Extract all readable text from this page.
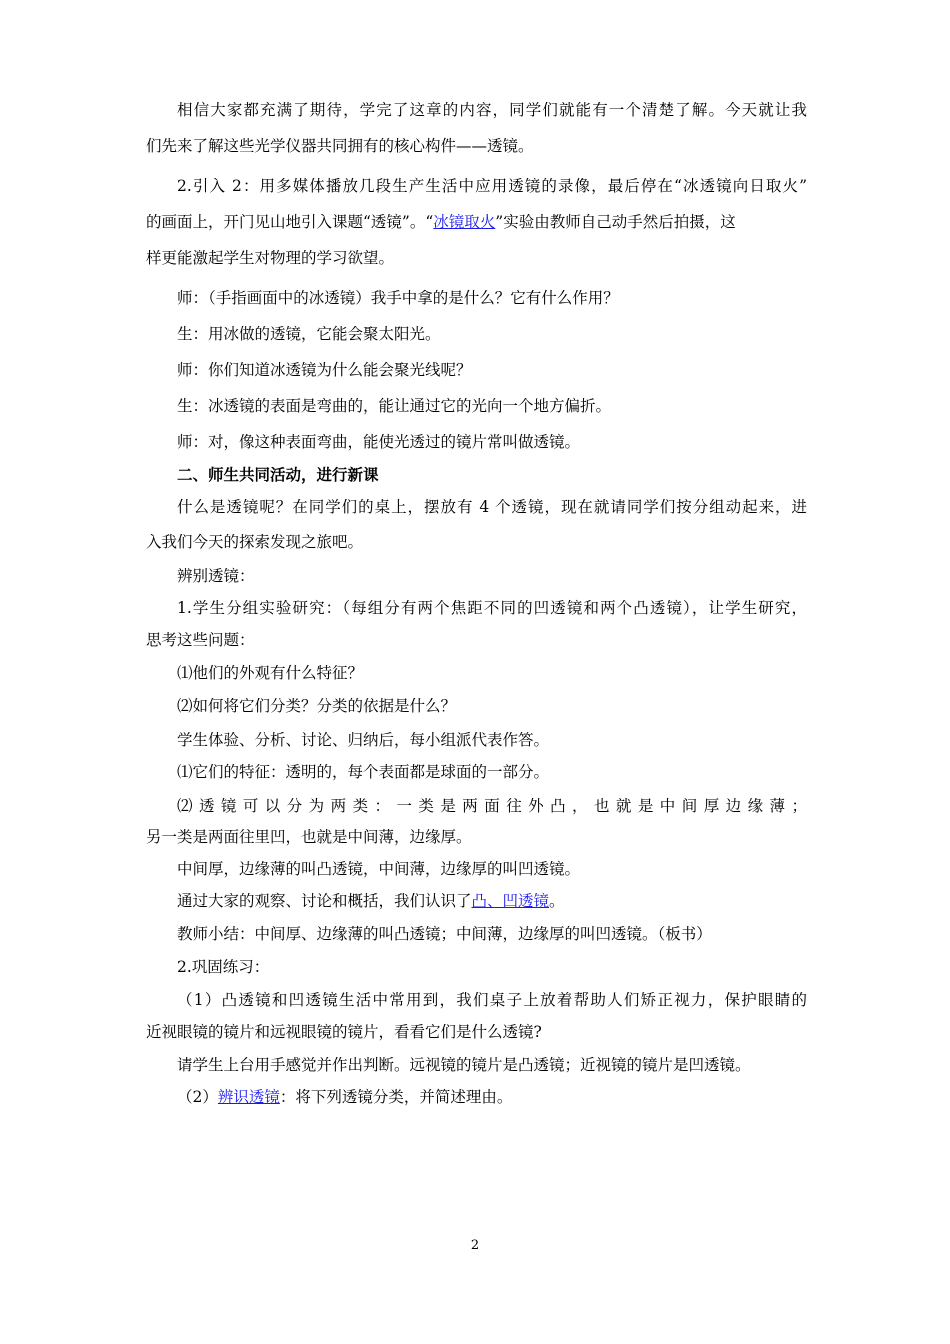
相信大家都充满了期待，学完了这章的内容，同学们就能有一个清楚了解。今天就让我
们先来了解这些光学仪器共同拥有的核心构件——透镜。
2.引入 2：用多媒体播放几段生产生活中应用透镜的录像，最后停在“冰透镜向日取火”
的画面上，开门见山地引入课题“透镜”。“冰镜取火”实验由教师自己动手然后拍摄，这
样更能激起学生对物理的学习欲望。
师：（手指画面中的冰透镜）我手中拿的是什么？它有什么作用？
生：用冰做的透镜，它能会聚太阳光。
师：你们知道冰透镜为什么能会聚光线呢？
生：冰透镜的表面是弯曲的，能让通过它的光向一个地方偏折。
师：对，像这种表面弯曲，能使光透过的镜片常叫做透镜。
二、师生共同活动，进行新课
什么是透镜呢？在同学们的桌上，摆放有 4 个透镜，现在就请同学们按分组动起来，进
入我们今天的探索发现之旅吧。
辨别透镜：
1.学生分组实验研究：（每组分有两个焦距不同的凹透镜和两个凸透镜），让学生研究，
思考这些问题：
⑴他们的外观有什么特征？
⑵如何将它们分类？分类的依据是什么？
学生体验、分析、讨论、归纳后，每小组派代表作答。
⑴它们的特征：透明的，每个表面都是球面的一部分。
⑵透镜可以分为两类：一类是两面往外凸，也就是中间厚边缘薄；
另一类是两面往里凹，也就是中间薄，边缘厚。
中间厚，边缘薄的叫凸透镜，中间薄，边缘厚的叫凹透镜。
通过大家的观察、讨论和概括，我们认识了凸、凹透镜。
教师小结：中间厚、边缘薄的叫凸透镜；中间薄，边缘厚的叫凹透镜。（板书）
2.巩固练习：
（1）凸透镜和凹透镜生活中常用到，我们桌子上放着帮助人们矫正视力，保护眼睛的
近视眼镜的镜片和远视眼镜的镜片，看看它们是什么透镜?
请学生上台用手感觉并作出判断。远视镜的镜片是凸透镜；近视镜的镜片是凹透镜。
（2）辨识透镜：将下列透镜分类，并简述理由。
2
